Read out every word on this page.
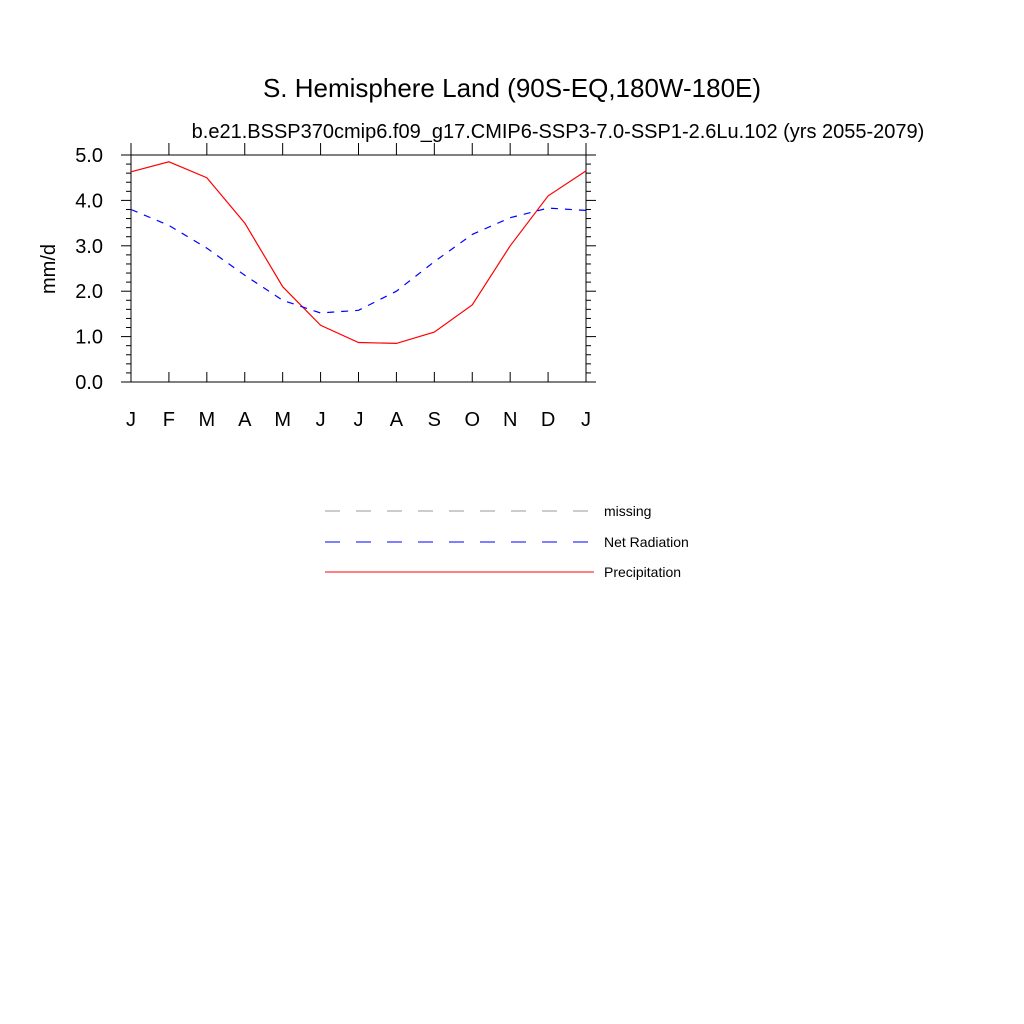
S. Hemisphere Land (90S-EQ,180W-180E)
b.e21.BSSP370cmip6.f09_g17.CMIP6-SSP3-7.0-SSP1-2.6Lu.102 (yrs 2055-2079)
mm/d
J F M A M J J A S O N D J
0.0
1.0
2.0
3.0
4.0
5.0
missing
Net Radiation
Precipitation
